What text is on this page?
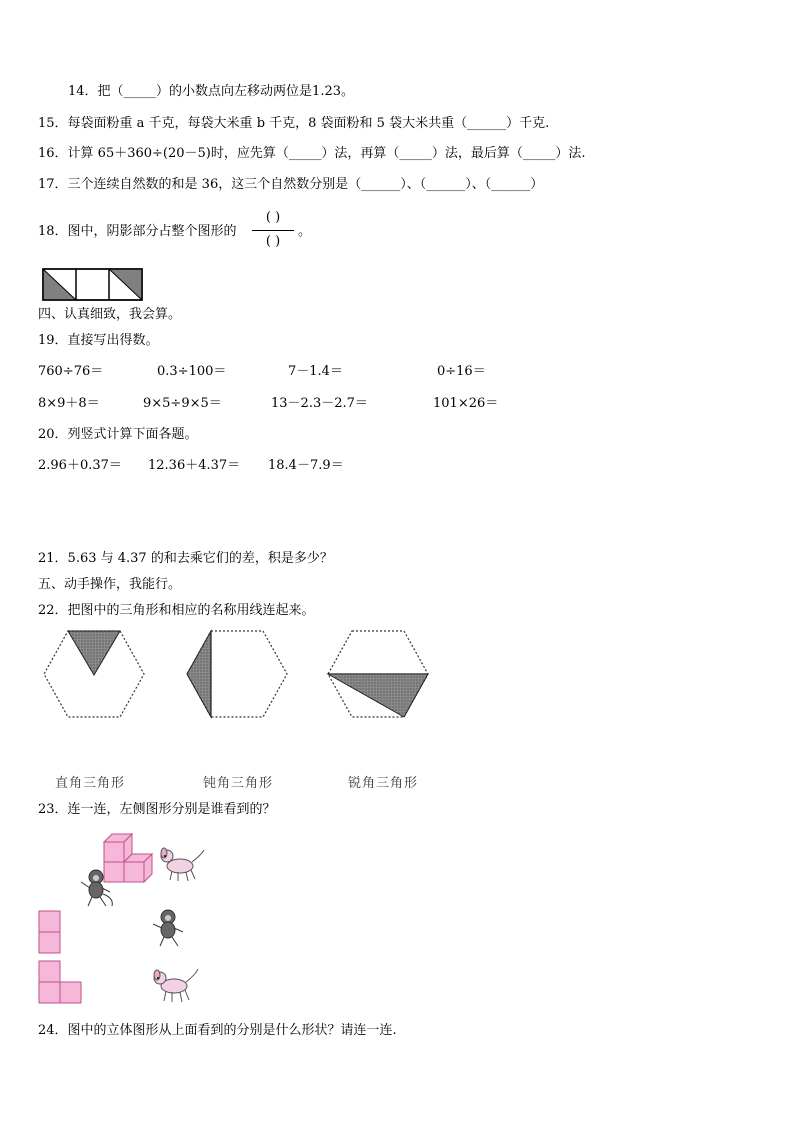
14．把（_____）的小数点向左移动两位是1.23。
15．每袋面粉重 a 千克，每袋大米重 b 千克，8 袋面粉和 5 袋大米共重（______）千克.
16．计算 65＋360÷(20－5)时，应先算（_____）法，再算（_____）法，最后算（_____）法.
17．三个连续自然数的和是 36，这三个自然数分别是（______）、（______）、（______）
18．图中，阴影部分占整个图形的
( )
( )
。
四、认真细致，我会算。
19．直接写出得数。
760÷76＝	0.3÷100＝	7－1.4＝	0÷16＝
8×9＋8＝	9×5÷9×5＝	13－2.3－2.7＝	101×26＝
20．列竖式计算下面各题。
2.96＋0.37＝ 12.36＋4.37＝ 18.4－7.9＝
21．5.63 与 4.37 的和去乘它们的差，积是多少？
五、动手操作，我能行。
22．把图中的三角形和相应的名称用线连起来。
直角三角形	钝角三角形	锐角三角形
23．连一连，左侧图形分别是谁看到的？
24．图中的立体图形从上面看到的分别是什么形状？请连一连.
